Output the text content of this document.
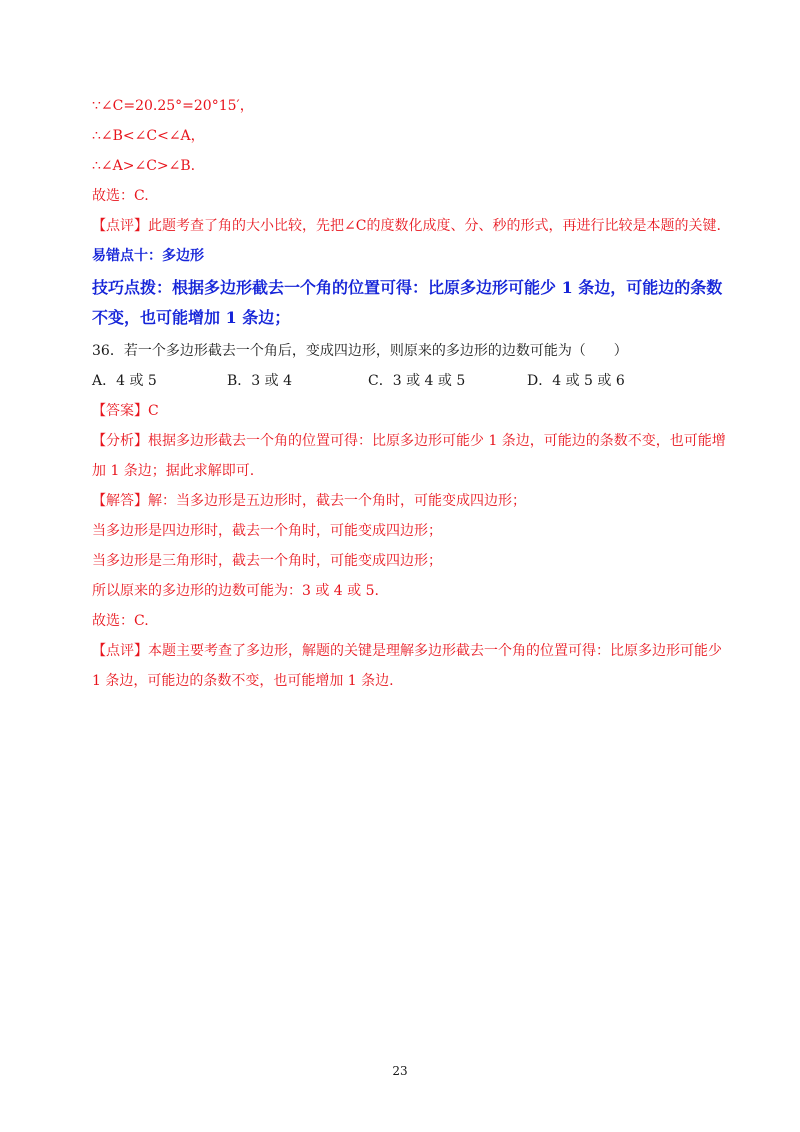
∵∠C=20.25°=20°15′，
∴∠B<∠C<∠A，
∴∠A>∠C>∠B.
故选：C.
【点评】此题考查了角的大小比较，先把∠C的度数化成度、分、秒的形式，再进行比较是本题的关键.
易错点十：多边形
技巧点拨：根据多边形截去一个角的位置可得：比原多边形可能少 1 条边，可能边的条数
不变，也可能增加 1 条边；
36．若一个多边形截去一个角后，变成四边形，则原来的多边形的边数可能为（　　）
A．4 或 5	B．3 或 4	C．3 或 4 或 5	D．4 或 5 或 6
【答案】C
【分析】根据多边形截去一个角的位置可得：比原多边形可能少 1 条边，可能边的条数不变，也可能增
加 1 条边；据此求解即可.
【解答】解：当多边形是五边形时，截去一个角时，可能变成四边形；
当多边形是四边形时，截去一个角时，可能变成四边形；
当多边形是三角形时，截去一个角时，可能变成四边形；
所以原来的多边形的边数可能为：3 或 4 或 5.
故选：C.
【点评】本题主要考查了多边形，解题的关键是理解多边形截去一个角的位置可得：比原多边形可能少
1 条边，可能边的条数不变，也可能增加 1 条边.
23
